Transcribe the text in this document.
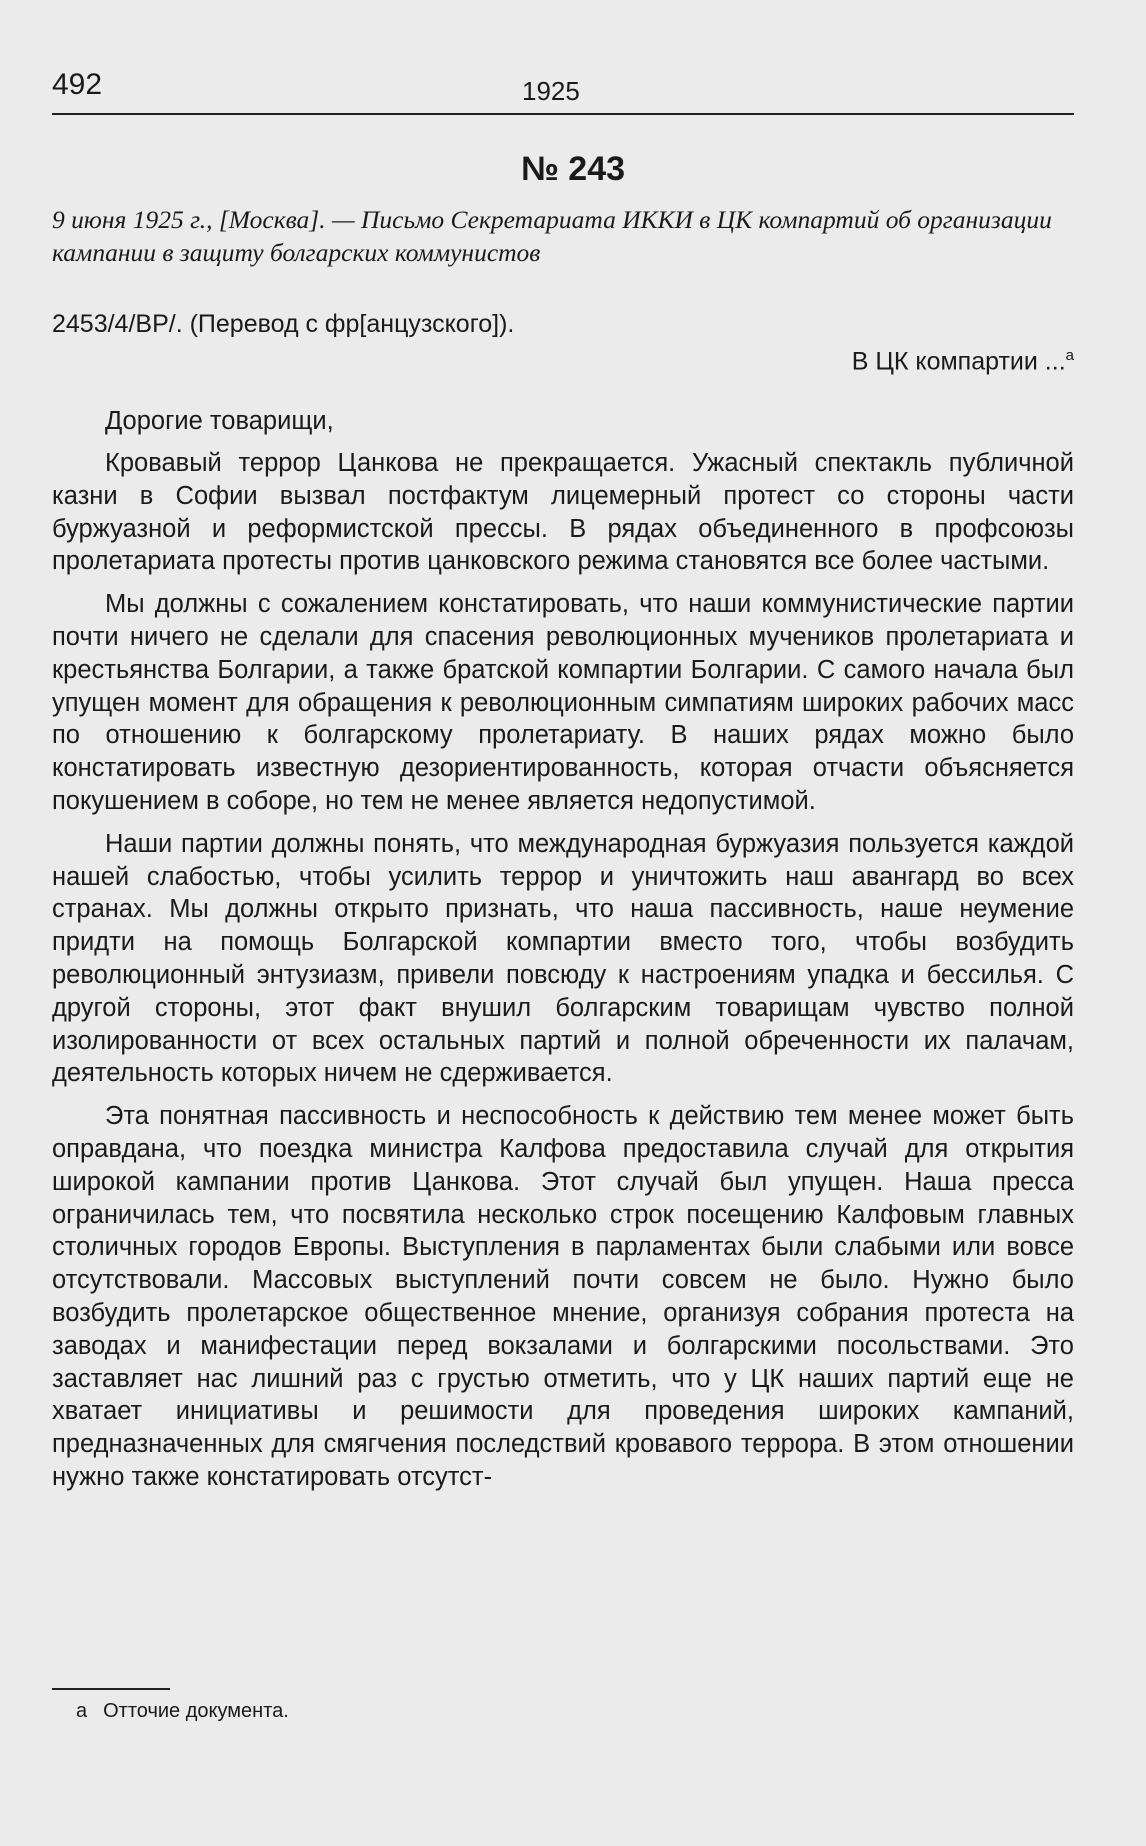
492	1925
№ 243
9 июня 1925 г., [Москва]. — Письмо Секретариата ИККИ в ЦК компартий об организации кампании в защиту болгарских коммунистов
2453/4/BP/. (Перевод с фр[анцузского]).
В ЦК компартии ...$^а$
Дорогие товарищи,

Кровавый террор Цанкова не прекращается. Ужасный спектакль публичной казни в Софии вызвал постфактум лицемерный протест со стороны части буржуазной и реформистской прессы. В рядах объединенного в профсоюзы пролетариата протесты против цанковского режима становятся все более частыми.

Мы должны с сожалением констатировать, что наши коммунистические партии почти ничего не сделали для спасения революционных мучеников пролетариата и крестьянства Болгарии, а также братской компартии Болгарии. С самого начала был упущен момент для обращения к революционным симпатиям широких рабочих масс по отношению к болгарскому пролетариату. В наших рядах можно было констатировать известную дезориентированность, которая отчасти объясняется покушением в соборе, но тем не менее является недопустимой.

Наши партии должны понять, что международная буржуазия пользуется каждой нашей слабостью, чтобы усилить террор и уничтожить наш авангард во всех странах. Мы должны открыто признать, что наша пассивность, наше неумение придти на помощь Болгарской компартии вместо того, чтобы возбудить революционный энтузиазм, привели повсюду к настроениям упадка и бессилья. С другой стороны, этот факт внушил болгарским товарищам чувство полной изолированности от всех остальных партий и полной обреченности их палачам, деятельность которых ничем не сдерживается.

Эта понятная пассивность и неспособность к действию тем менее может быть оправдана, что поездка министра Калфова предоставила случай для открытия широкой кампании против Цанкова. Этот случай был упущен. Наша пресса ограничилась тем, что посвятила несколько строк посещению Калфовым главных столичных городов Европы. Выступления в парламентах были слабыми или вовсе отсутствовали. Массовых выступлений почти совсем не было. Нужно было возбудить пролетарское общественное мнение, организуя собрания протеста на заводах и манифестации перед вокзалами и болгарскими посольствами. Это заставляет нас лишний раз с грустью отметить, что у ЦК наших партий еще не хватает инициативы и решимости для проведения широких кампаний, предназначенных для смягчения последствий кровавого террора. В этом отношении нужно также констатировать отсутст-

а Отточие документа.
